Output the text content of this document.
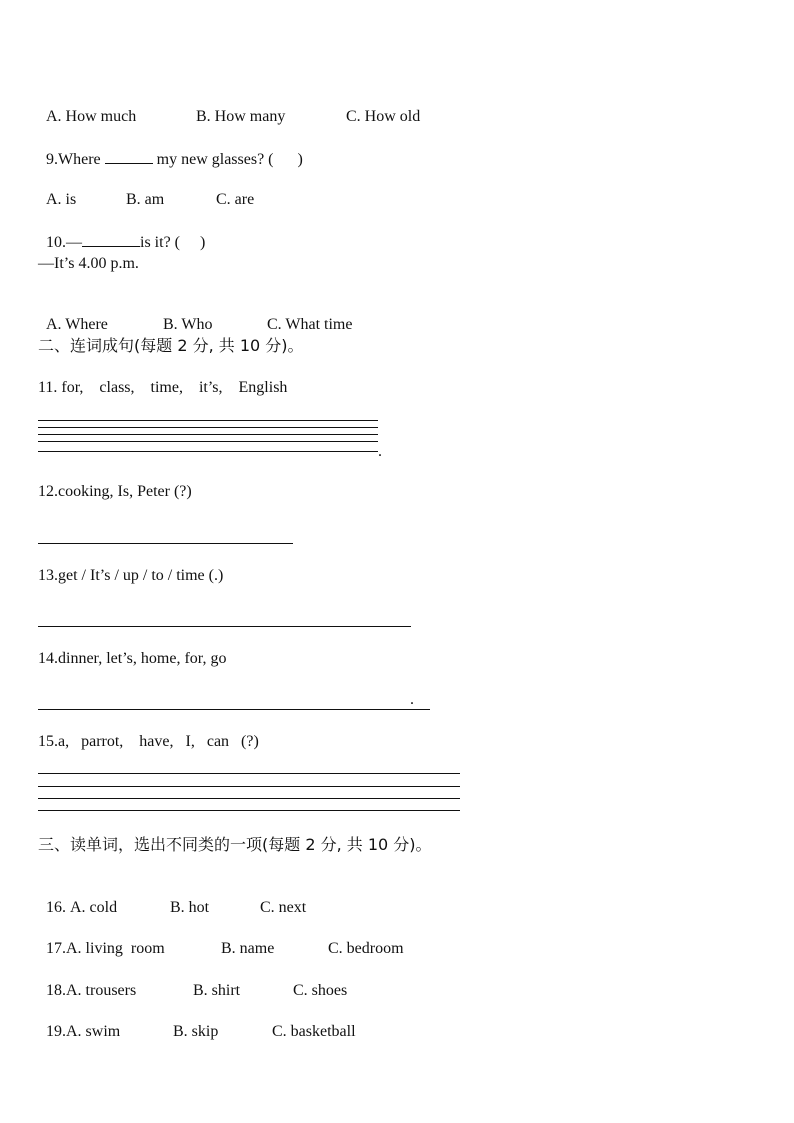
A. How much	B. How many	C. How old

9.Where	my new glasses? (      )

A. is	B. am	C. are

10.—	is it? (     )

—It’s 4.00 p.m.

A. Where	B. Who	C. What time

二、连词成句(每题 2 分, 共 10 分)。
11. for,    class,    time,    it’s,    English
.
12.cooking, Is, Peter (?)
13.get / It’s / up / to / time (.)
14.dinner, let’s, home, for, go
.
15.a,   parrot,    have,   I,   can   (?)
三、读单词，选出不同类的一项(每题 2 分, 共 10 分)。

16. A. cold	B. hot	C. next

17.A. living  room	B. name	C. bedroom

18.A. trousers	B. shirt	C. shoes

19.A. swim	B. skip	C. basketball
